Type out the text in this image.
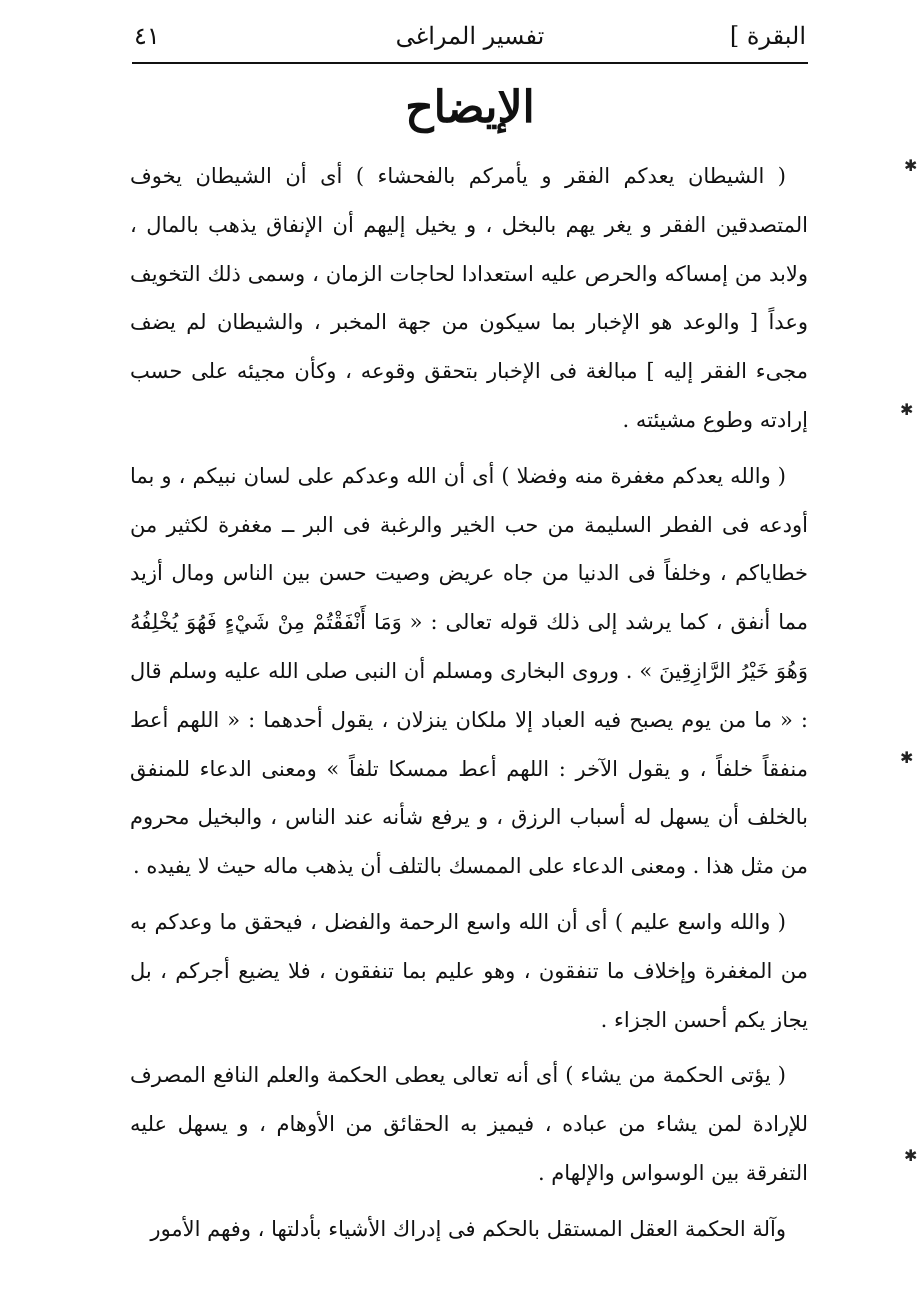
البقرة ]
تفسير المراغى
٤١
الإيضاح

( الشيطان يعدكم الفقر و يأمركم بالفحشاء ) أى أن الشيطان يخوف المتصدقين الفقر و يغر يهم بالبخل ، و يخيل إليهم أن الإنفاق يذهب بالمال ، ولابد من إمساكه والحرص عليه استعدادا لحاجات الزمان ، وسمى ذلك التخويف وعداً [ والوعد هو الإخبار بما سيكون من جهة المخبر ، والشيطان لم يضف مجىء الفقر إليه ] مبالغة فى الإخبار بتحقق وقوعه ، وكأن مجيئه على حسب إرادته وطوع مشيئته .

( والله يعدكم مغفرة منه وفضلا ) أى أن الله وعدكم على لسان نبيكم ، و بما أودعه فى الفطر السليمة من حب الخير والرغبة فى البر ــ مغفرة لكثير من خطاياكم ، وخلفاً فى الدنيا من جاه عريض وصيت حسن بين الناس ومال أزيد مما أنفق ، كما يرشد إلى ذلك قوله تعالى : « وَمَا أَنْفَقْتُمْ مِنْ شَيْءٍ فَهُوَ يُخْلِفُهُ وَهُوَ خَيْرُ الرَّازِقِينَ » . وروى البخارى ومسلم أن النبى صلى الله عليه وسلم قال : « ما من يوم يصبح فيه العباد إلا ملكان ينزلان ، يقول أحدهما : « اللهم أعط منفقاً خلفاً ، و يقول الآخر : اللهم أعط ممسكا تلفاً » ومعنى الدعاء للمنفق بالخلف أن يسهل له أسباب الرزق ، و يرفع شأنه عند الناس ، والبخيل محروم من مثل هذا . ومعنى الدعاء على الممسك بالتلف أن يذهب ماله حيث لا يفيده .

( والله واسع عليم ) أى أن الله واسع الرحمة والفضل ، فيحقق ما وعدكم به من المغفرة وإخلاف ما تنفقون ، وهو عليم بما تنفقون ، فلا يضيع أجركم ، بل يجاز يكم أحسن الجزاء .

( يؤتى الحكمة من يشاء ) أى أنه تعالى يعطى الحكمة والعلم النافع المصرف للإرادة لمن يشاء من عباده ، فيميز به الحقائق من الأوهام ، و يسهل عليه التفرقة بين الوسواس والإلهام .

وآلة الحكمة العقل المستقل بالحكم فى إدراك الأشياء بأدلتها ، وفهم الأمور

✱
✱
✱
✱
